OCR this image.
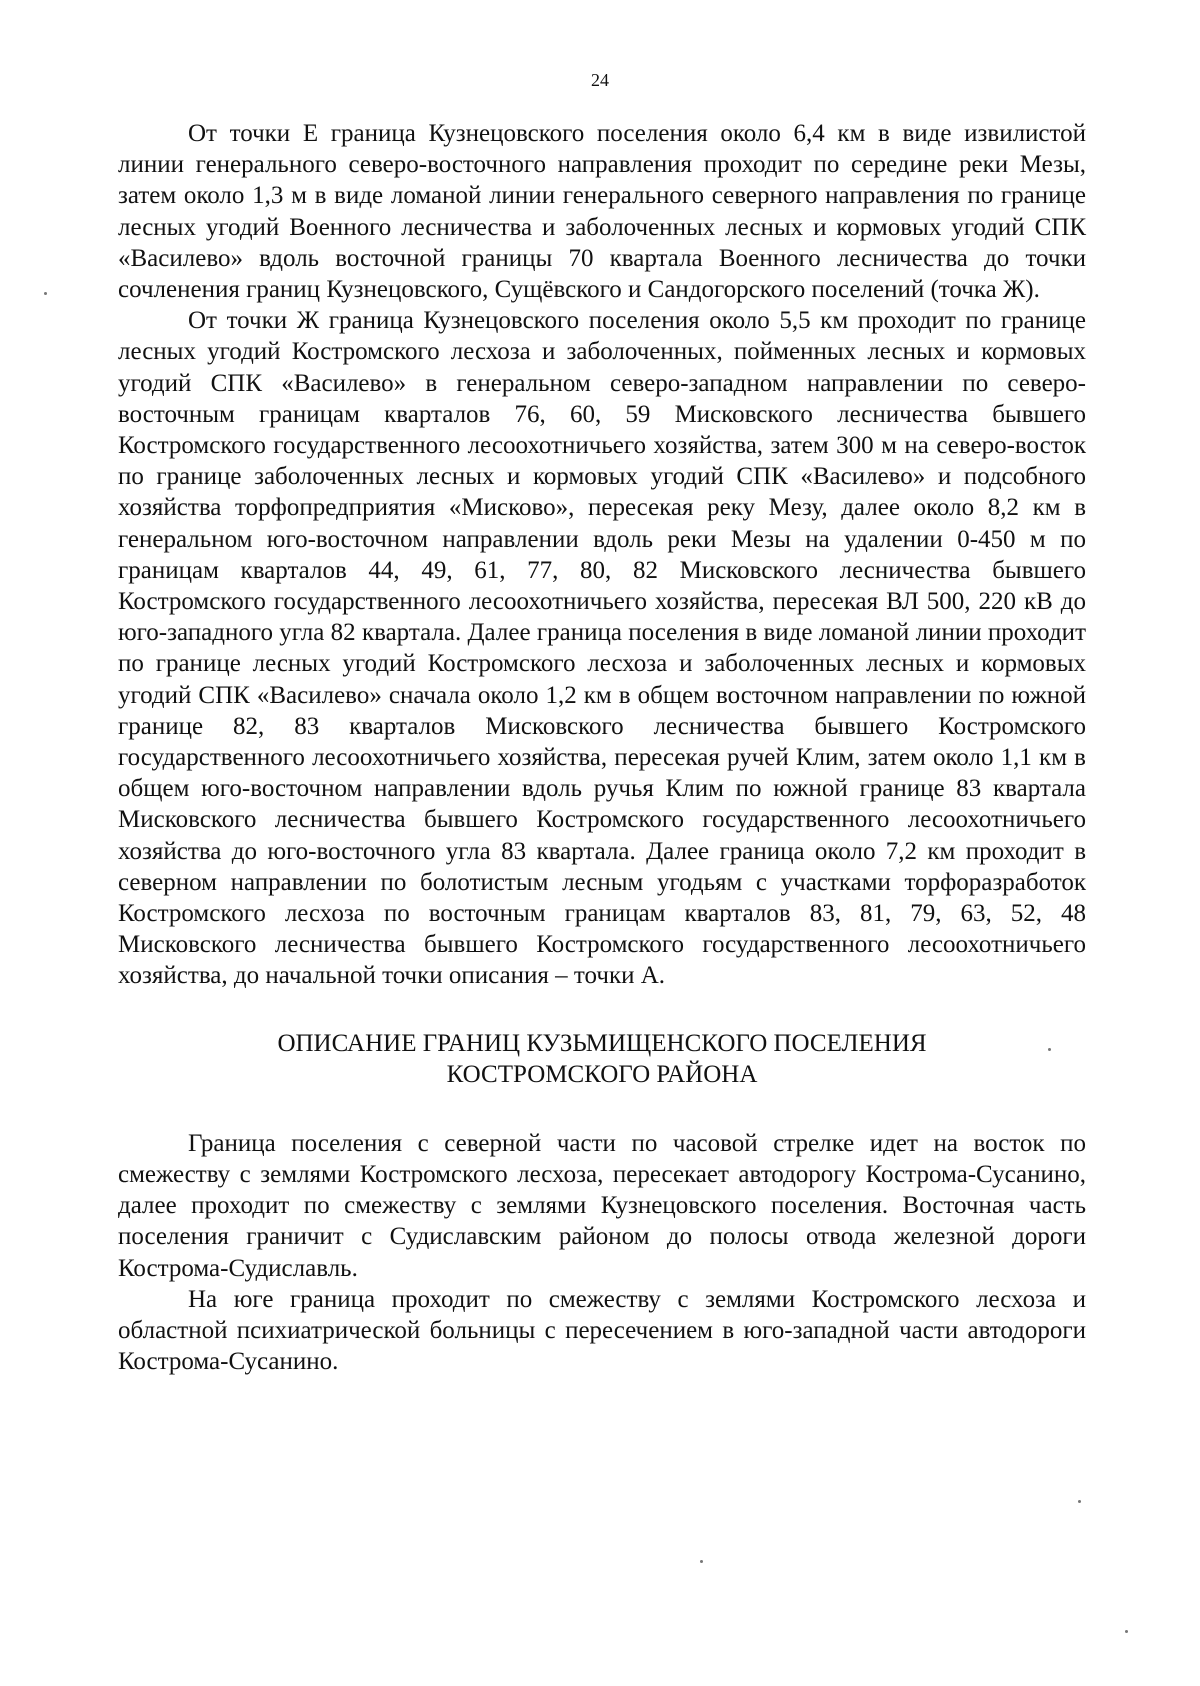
24

От точки Е граница Кузнецовского поселения около 6,4 км в виде извилистой линии генерального северо-восточного направления проходит по середине реки Мезы, затем около 1,3 м в виде ломаной линии генерального северного направления по границе лесных угодий Военного лесничества и заболоченных лесных и кормовых угодий СПК «Василево» вдоль восточной границы 70 квартала Военного лесничества до точки сочленения границ Кузнецовского, Сущёвского и Сандогорского поселений (точка Ж).

От точки Ж граница Кузнецовского поселения около 5,5 км проходит по границе лесных угодий Костромского лесхоза и заболоченных, пойменных лесных и кормовых угодий СПК «Василево» в генеральном северо-западном направлении по северо-восточным границам кварталов 76, 60, 59 Мисковского лесничества бывшего Костромского государственного лесоохотничьего хозяйства, затем 300 м на северо-восток по границе заболоченных лесных и кормовых угодий СПК «Василево» и подсобного хозяйства торфопредприятия «Мисково», пересекая реку Мезу, далее около 8,2 км в генеральном юго-восточном направлении вдоль реки Мезы на удалении 0-450 м по границам кварталов 44, 49, 61, 77, 80, 82 Мисковского лесничества бывшего Костромского государственного лесоохотничьего хозяйства, пересекая ВЛ 500, 220 кВ до юго-западного угла 82 квартала. Далее граница поселения в виде ломаной линии проходит по границе лесных угодий Костромского лесхоза и заболоченных лесных и кормовых угодий СПК «Василево» сначала около 1,2 км в общем восточном направлении по южной границе 82, 83 кварталов Мисковского лесничества бывшего Костромского государственного лесоохотничьего хозяйства, пересекая ручей Клим, затем около 1,1 км в общем юго-восточном направлении вдоль ручья Клим по южной границе 83 квартала Мисковского лесничества бывшего Костромского государственного лесоохотничьего хозяйства до юго-восточного угла 83 квартала. Далее граница около 7,2 км проходит в северном направлении по болотистым лесным угодьям с участками торфоразработок Костромского лесхоза по восточным границам кварталов 83, 81, 79, 63, 52, 48 Мисковского лесничества бывшего Костромского государственного лесоохотничьего хозяйства, до начальной точки описания – точки А.

ОПИСАНИЕ ГРАНИЦ КУЗЬМИЩЕНСКОГО ПОСЕЛЕНИЯ
КОСТРОМСКОГО РАЙОНА

Граница поселения с северной части по часовой стрелке идет на восток по смежеству с землями Костромского лесхоза, пересекает автодорогу Кострома-Сусанино, далее проходит по смежеству с землями Кузнецовского поселения. Восточная часть поселения граничит с Судиславским районом до полосы отвода железной дороги Кострома-Судиславль.

На юге граница проходит по смежеству с землями Костромского лесхоза и областной психиатрической больницы с пересечением в юго-западной части автодороги Кострома-Сусанино.
